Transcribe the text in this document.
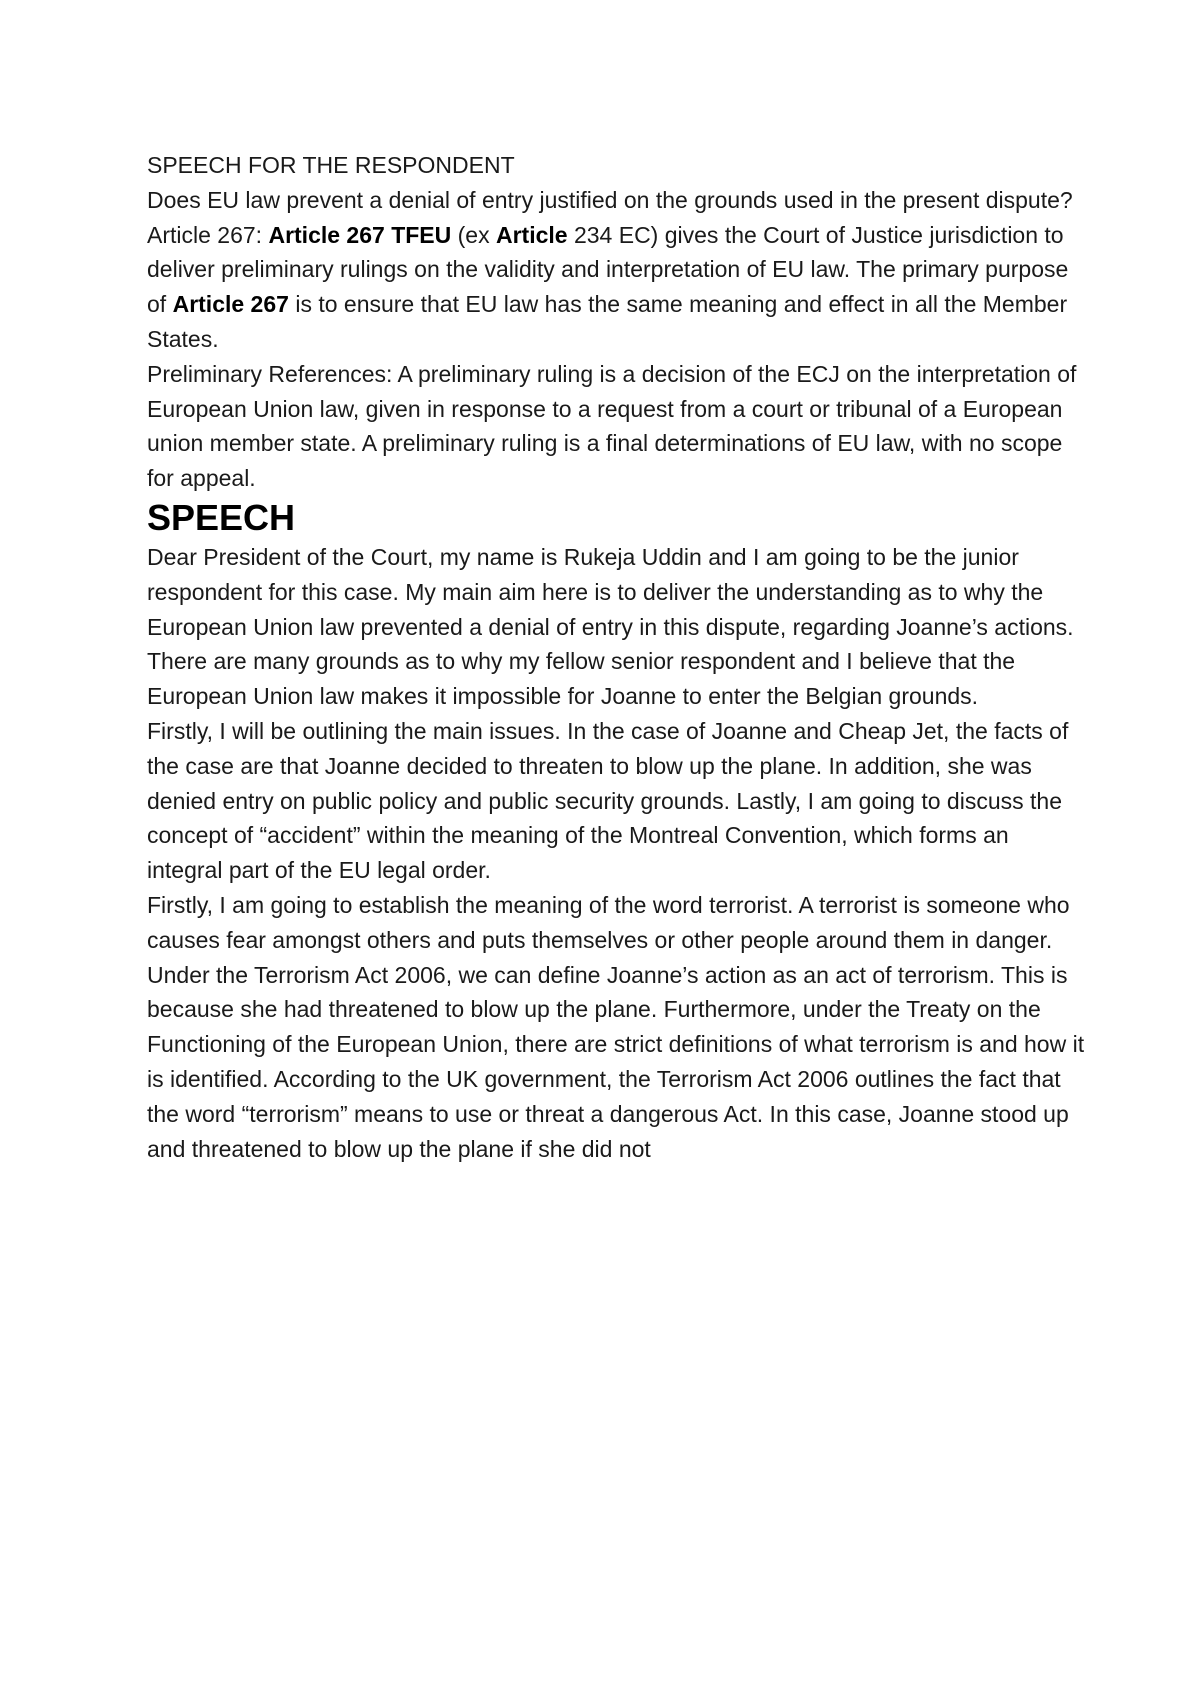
SPEECH FOR THE RESPONDENT

Does EU law prevent a denial of entry justified on the grounds used in the present dispute?

Article 267: Article 267 TFEU (ex Article 234 EC) gives the Court of Justice jurisdiction to deliver preliminary rulings on the validity and interpretation of EU law. The primary purpose of Article 267 is to ensure that EU law has the same meaning and effect in all the Member States.

Preliminary References: A preliminary ruling is a decision of the ECJ on the interpretation of European Union law, given in response to a request from a court or tribunal of a European union member state. A preliminary ruling is a final determinations of EU law, with no scope for appeal.

SPEECH

Dear President of the Court, my name is Rukeja Uddin and I am going to be the junior respondent for this case. My main aim here is to deliver the understanding as to why the European Union law prevented a denial of entry in this dispute, regarding Joanne’s actions. There are many grounds as to why my fellow senior respondent and I believe that the European Union law makes it impossible for Joanne to enter the Belgian grounds.

Firstly, I will be outlining the main issues. In the case of Joanne and Cheap Jet, the facts of the case are that Joanne decided to threaten to blow up the plane. In addition, she was denied entry on public policy and public security grounds. Lastly, I am going to discuss the concept of “accident” within the meaning of the Montreal Convention, which forms an integral part of the EU legal order.

Firstly, I am going to establish the meaning of the word terrorist. A terrorist is someone who causes fear amongst others and puts themselves or other people around them in danger. Under the Terrorism Act 2006, we can define Joanne’s action as an act of terrorism. This is because she had threatened to blow up the plane. Furthermore, under the Treaty on the Functioning of the European Union, there are strict definitions of what terrorism is and how it is identified. According to the UK government, the Terrorism Act 2006 outlines the fact that the word “terrorism” means to use or threat a dangerous Act. In this case, Joanne stood up and threatened to blow up the plane if she did not
